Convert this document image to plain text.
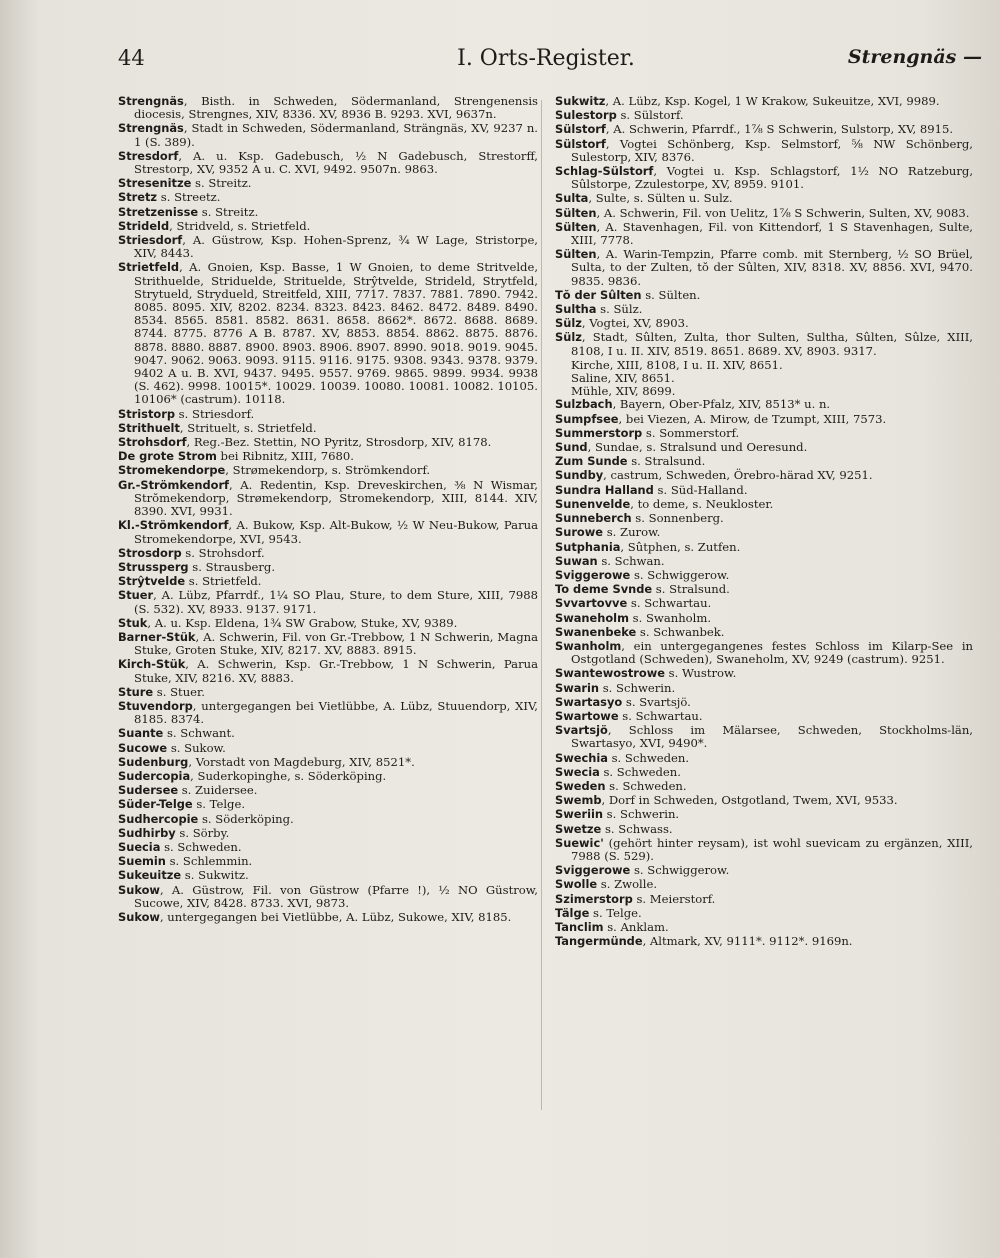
44	I. Orts-Register.	Strengnäs —
Strengnäs, Bisth. in Schweden, Södermanland, Strengenensis diocesis, Strengnes, XIV, 8336. XV, 8936 B. 9293. XVI, 9637n.
Strengnäs, Stadt in Schweden, Södermanland, Strängnäs, XV, 9237 n. 1 (S. 389).
Stresdorf, A. u. Ksp. Gadebusch, ½ N Gadebusch, Strestorff, Strestorp, XV, 9352 A u. C. XVI, 9492. 9507n. 9863.
Stresenitze s. Streitz.
Stretz s. Streetz.
Stretzenisse s. Streitz.
Strideld, Stridveld, s. Strietfeld.
Striesdorf, A. Güstrow, Ksp. Hohen-Sprenz, ¾ W Lage, Stristorpe, XIV, 8443.
Strietfeld, A. Gnoien, Ksp. Basse, 1 W Gnoien, to deme Stritvelde, Strithuelde, Striduelde, Strituelde, Strŷtvelde, Strideld, Strytfeld, Strytueld, Strydueld, Streitfeld, XIII, 7717. 7837. 7881. 7890. 7942. 8085. 8095. XIV, 8202. 8234. 8323. 8423. 8462. 8472. 8489. 8490. 8534. 8565. 8581. 8582. 8631. 8658. 8662*. 8672. 8688. 8689. 8744. 8775. 8776 A B. 8787. XV, 8853. 8854. 8862. 8875. 8876. 8878. 8880. 8887. 8900. 8903. 8906. 8907. 8990. 9018. 9019. 9045. 9047. 9062. 9063. 9093. 9115. 9116. 9175. 9308. 9343. 9378. 9379. 9402 A u. B. XVI, 9437. 9495. 9557. 9769. 9865. 9899. 9934. 9938 (S. 462). 9998. 10015*. 10029. 10039. 10080. 10081. 10082. 10105. 10106* (castrum). 10118.
Stristorp s. Striesdorf.
Strithuelt, Strituelt, s. Strietfeld.
Strohsdorf, Reg.-Bez. Stettin, NO Pyritz, Strosdorp, XIV, 8178.
De grote Strom bei Ribnitz, XIII, 7680.
Stromekendorpe, Strømekendorp, s. Strömkendorf.
Gr.-Strömkendorf, A. Redentin, Ksp. Dreveskirchen, ⅜ N Wismar, Strŏmekendorp, Strømekendorp, Stromekendorp, XIII, 8144. XIV, 8390. XVI, 9931.
Kl.-Strömkendorf, A. Bukow, Ksp. Alt-Bukow, ½ W Neu-Bukow, Parua Stromekendorpe, XVI, 9543.
Strosdorp s. Strohsdorf.
Strussperg s. Strausberg.
Strŷtvelde s. Strietfeld.
Stuer, A. Lübz, Pfarrdf., 1¼ SO Plau, Sture, to dem Sture, XIII, 7988 (S. 532). XV, 8933. 9137. 9171.
Stuk, A. u. Ksp. Eldena, 1¾ SW Grabow, Stuke, XV, 9389.
Barner-Stük, A. Schwerin, Fil. von Gr.-Trebbow, 1 N Schwerin, Magna Stuke, Groten Stuke, XIV, 8217. XV, 8883. 8915.
Kirch-Stük, A. Schwerin, Ksp. Gr.-Trebbow, 1 N Schwerin, Parua Stuke, XIV, 8216. XV, 8883.
Sture s. Stuer.
Stuvendorp, untergegangen bei Vietlübbe, A. Lübz, Stuuendorp, XIV, 8185. 8374.
Suante s. Schwant.
Sucowe s. Sukow.
Sudenburg, Vorstadt von Magdeburg, XIV, 8521*.
Sudercopia, Suderkopinghe, s. Söderköping.
Sudersee s. Zuidersee.
Süder-Telge s. Telge.
Sudhercopie s. Söderköping.
Sudhirby s. Sörby.
Suecia s. Schweden.
Suemin s. Schlemmin.
Sukeuitze s. Sukwitz.
Sukow, A. Güstrow, Fil. von Güstrow (Pfarre !), ½ NO Güstrow, Sucowe, XIV, 8428. 8733. XVI, 9873.
Sukow, untergegangen bei Vietlübbe, A. Lübz, Sukowe, XIV, 8185.
Sukwitz, A. Lübz, Ksp. Kogel, 1 W Krakow, Sukeuitze, XVI, 9989.
Sulestorp s. Sülstorf.
Sülstorf, A. Schwerin, Pfarrdf., 1⅞ S Schwerin, Sulstorp, XV, 8915.
Sülstorf, Vogtei Schönberg, Ksp. Selmstorf, ⅝ NW Schönberg, Sulestorp, XIV, 8376.
Schlag-Sülstorf, Vogtei u. Ksp. Schlagstorf, 1½ NO Ratzeburg, Sûlstorpe, Zzulestorpe, XV, 8959. 9101.
Sulta, Sulte, s. Sülten u. Sulz.
Sülten, A. Schwerin, Fil. von Uelitz, 1⅞ S Schwerin, Sulten, XV, 9083.
Sülten, A. Stavenhagen, Fil. von Kittendorf, 1 S Stavenhagen, Sulte, XIII, 7778.
Sülten, A. Warin-Tempzin, Pfarre comb. mit Sternberg, ½ SO Brüel, Sulta, to der Zulten, tŏ der Sûlten, XIV, 8318. XV, 8856. XVI, 9470. 9835. 9836.
Tŏ der Sûlten s. Sülten.
Sultha s. Sülz.
Sülz, Vogtei, XV, 8903.
Sülz, Stadt, Sûlten, Zulta, thor Sulten, Sultha, Sûlten, Sûlze, XIII, 8108, I u. II. XIV, 8519. 8651. 8689. XV, 8903. 9317.
Kirche, XIII, 8108, I u. II. XIV, 8651.
Saline, XIV, 8651.
Mühle, XIV, 8699.
Sulzbach, Bayern, Ober-Pfalz, XIV, 8513* u. n.
Sumpfsee, bei Viezen, A. Mirow, de Tzumpt, XIII, 7573.
Summerstorp s. Sommerstorf.
Sund, Sundae, s. Stralsund und Oeresund.
Zum Sunde s. Stralsund.
Sundby, castrum, Schweden, Örebro-härad XV, 9251.
Sundra Halland s. Süd-Halland.
Sunenvelde, to deme, s. Neukloster.
Sunneberch s. Sonnenberg.
Surowe s. Zurow.
Sutphania, Sûtphen, s. Zutfen.
Suwan s. Schwan.
Sviggerowe s. Schwiggerow.
To deme Svnde s. Stralsund.
Svvartovve s. Schwartau.
Swaneholm s. Swanholm.
Swanenbeke s. Schwanbek.
Swanholm, ein untergegangenes festes Schloss im Kilarp-See in Ostgotland (Schweden), Swaneholm, XV, 9249 (castrum). 9251.
Swantewostrowe s. Wustrow.
Swarin s. Schwerin.
Swartasyo s. Svartsjö.
Swartowe s. Schwartau.
Svartsjö, Schloss im Mälarsee, Schweden, Stockholms-län, Swartasyo, XVI, 9490*.
Swechia s. Schweden.
Swecia s. Schweden.
Sweden s. Schweden.
Swemb, Dorf in Schweden, Ostgotland, Twem, XVI, 9533.
Sweriin s. Schwerin.
Swetze s. Schwass.
Suewic' (gehört hinter reysam), ist wohl suevicam zu ergänzen, XIII, 7988 (S. 529).
Sviggerowe s. Schwiggerow.
Swolle s. Zwolle.
Szimerstorp s. Meierstorf.
Tälge s. Telge.
Tanclim s. Anklam.
Tangermünde, Altmark, XV, 9111*. 9112*. 9169n.
